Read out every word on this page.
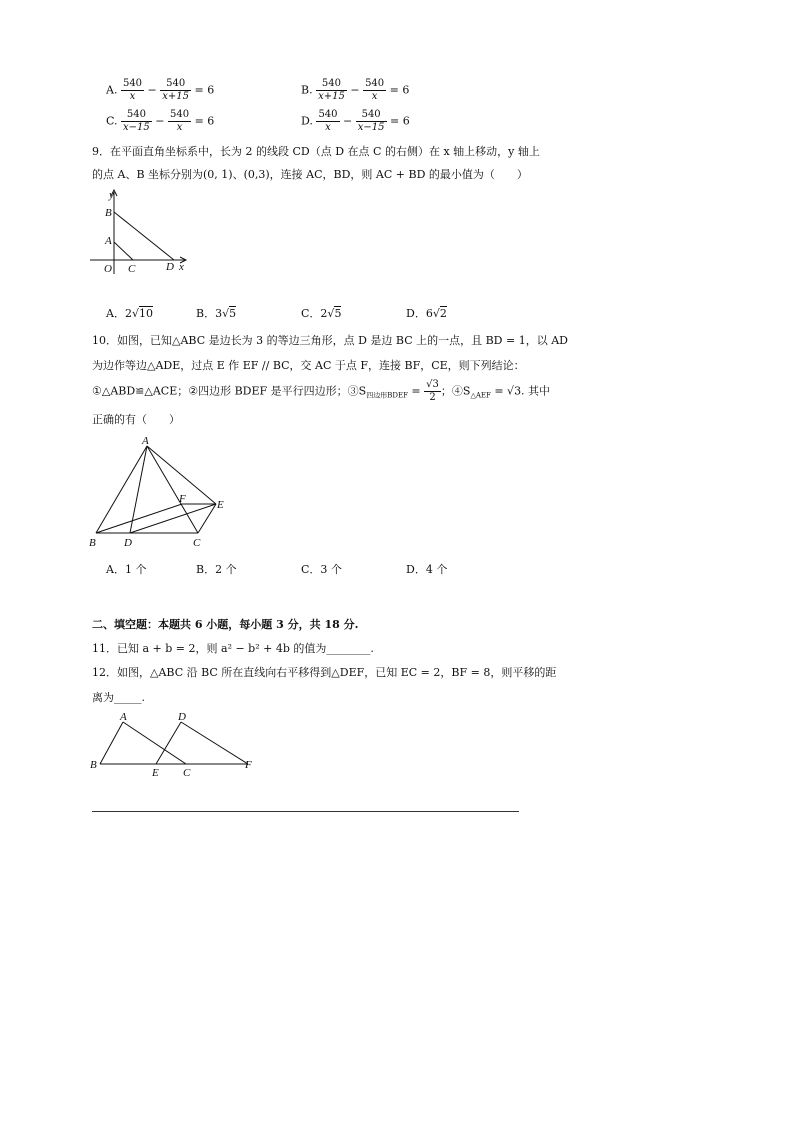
A. $\frac{540}{x} - \frac{540}{x+15} = 6$	B. $\frac{540}{x+15} - \frac{540}{x} = 6$
C. $\frac{540}{x-15} - \frac{540}{x} = 6$	D. $\frac{540}{x} - \frac{540}{x-15} = 6$
9．在平面直角坐标系中，长为 2 的线段 CD（点 D 在点 C 的右侧）在 x 轴上移动，y 轴上
的点 A、B 坐标分别为(0, 1)、(0,3)，连接 AC，BD，则 AC + BD 的最小值为（　　）
y
B
A
O C	D x
A．2√10	B．3√5	C．2√5	D．6√2
10．如图，已知△ABC 是边长为 3 的等边三角形，点 D 是边 BC 上的一点，且 BD = 1，以 AD
为边作等边△ADE，过点 E 作 EF // BC，交 AC 于点 F，连接 BF，CE，则下列结论：
①△ABD≌△ACE；②四边形 BDEF 是平行四边形；$③S_{四边形BDEF} = \frac{√3}{2}$ ；$④S_{\triangle AEF} = √3$. 其中
正确的有（　　）
A
B	D	C
E
F
A．1 个	B．2 个	C．3 个	D．4 个
二、填空题：本题共 6 小题，每小题 3 分，共 18 分.
11．已知 a + b = 2，则 a² − b² + 4b 的值为________.
12．如图，△ABC 沿 BC 所在直线向右平移得到△DEF，已知 EC = 2，BF = 8，则平移的距
离为_____.
A	D
B
E C
F
